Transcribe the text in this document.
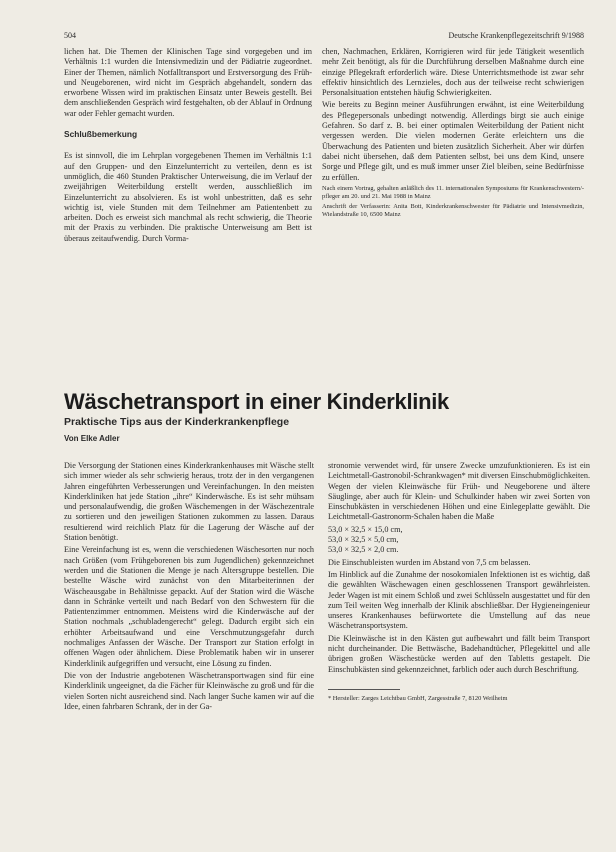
504	Deutsche Krankenpflegezeitschrift 9/1988

lichen hat. Die Themen der Klinischen Tage sind vorgegeben und im Verhältnis 1:1 wurden die Intensivmedizin und der Pädiatrie zugeordnet. Einer der Themen, nämlich Notfalltransport und Erstversorgung des Früh- und Neugeborenen, wird nicht im Gespräch abgehandelt, sondern das erworbene Wissen wird im praktischen Einsatz unter Beweis gestellt. Bei dem anschließenden Gespräch wird festgehalten, ob der Ablauf in Ordnung war oder Fehler gemacht wurden.

Schlußbemerkung

Es ist sinnvoll, die im Lehrplan vorgegebenen Themen im Verhältnis 1:1 auf den Gruppen- und den Einzelunterricht zu verteilen, denn es ist unmöglich, die 460 Stunden Praktischer Unterweisung, die im Verlauf der zweijährigen Weiterbildung erstellt werden, ausschließlich im Einzelunterricht zu absolvieren. Es ist wohl unbestritten, daß es sehr wichtig ist, viele Stunden mit dem Teilnehmer am Patientenbett zu arbeiten. Doch es erweist sich manchmal als recht schwierig, die Theorie mit der Praxis zu verbinden. Die praktische Unterweisung am Bett ist überaus zeitaufwendig. Durch Vorma-

chen, Nachmachen, Erklären, Korrigieren wird für jede Tätigkeit wesentlich mehr Zeit benötigt, als für die Durchführung derselben Maßnahme durch eine einzige Pflegekraft erforderlich wäre. Diese Unterrichtsmethode ist zwar sehr effektiv hinsichtlich des Lernzieles, doch aus der teilweise recht schwierigen Personalsituation entstehen häufig Schwierigkeiten.

Wie bereits zu Beginn meiner Ausführungen erwähnt, ist eine Weiterbildung des Pflegepersonals unbedingt notwendig. Allerdings birgt sie auch einige Gefahren. So darf z. B. bei einer optimalen Weiterbildung der Patient nicht vergessen werden. Die vielen modernen Geräte erleichtern uns die Überwachung des Patienten und bieten zusätzlich Sicherheit. Aber wir dürfen dabei nicht übersehen, daß dem Patienten selbst, bei uns dem Kind, unsere Sorge und Pflege gilt, und es muß immer unser Ziel bleiben, seine Bedürfnisse zu erfüllen.

Nach einem Vortrag, gehalten anläßlich des 11. internationalen Symposiums für Krankenschwestern/-pfleger am 20. und 21. Mai 1988 in Mainz

Anschrift der Verfasserin: Anita Bott, Kinderkrankenschwester für Pädiatrie und Intensivmedizin, Wielandstraße 10, 6500 Mainz

Wäschetransport in einer Kinderklinik
Praktische Tips aus der Kinderkrankenpflege
Von Elke Adler

Die Versorgung der Stationen eines Kinderkrankenhauses mit Wäsche stellt sich immer wieder als sehr schwierig heraus, trotz der in den vergangenen Jahren eingeführten Verbesserungen und Vereinfachungen. In den meisten Kinderkliniken hat jede Station „ihre“ Kinderwäsche. Es ist sehr mühsam und personalaufwendig, die großen Wäschemengen in der Wäschezentrale zu sortieren und den jeweiligen Stationen zukommen zu lassen. Daraus resultierend wird reichlich Platz für die Lagerung der Wäsche auf der Station benötigt.

Eine Vereinfachung ist es, wenn die verschiedenen Wäschesorten nur noch nach Größen (vom Frühgeborenen bis zum Jugendlichen) gekennzeichnet werden und die Stationen die Menge je nach Altersgruppe bestellen. Die bestellte Wäsche wird zunächst von den Mitarbeiterinnen der Wäscheausgabe in Behältnisse gepackt. Auf der Station wird die Wäsche dann in Schränke verteilt und nach Bedarf von den Schwestern für die Patientenzimmer entnommen. Meistens wird die Kinderwäsche auf der Station nochmals „schubladengerecht“ gelegt. Dadurch ergibt sich ein erhöhter Arbeitsaufwand und eine Verschmutzungsgefahr durch nochmaliges Anfassen der Wäsche. Der Transport zur Station erfolgt in offenen Wagen oder ähnlichem. Diese Problematik haben wir in unserer Kinderklinik aufgegriffen und versucht, eine Lösung zu finden.

Die von der Industrie angebotenen Wäschetransportwagen sind für eine Kinderklinik ungeeignet, da die Fächer für Kleinwäsche zu groß und für die vielen Sorten nicht ausreichend sind. Nach langer Suche kamen wir auf die Idee, einen fahrbaren Schrank, der in der Ga-

stronomie verwendet wird, für unsere Zwecke umzufunktionieren. Es ist ein Leichtmetall-Gastronobil-Schrankwagen* mit diversen Einschubmöglichkeiten. Wegen der vielen Kleinwäsche für Früh- und Neugeborene und ältere Säuglinge, aber auch für Klein- und Schulkinder haben wir zwei Sorten von Einschubkästen in verschiedenen Höhen und eine Einlegeplatte gewählt. Die Leichtmetall-Gastronorm-Schalen haben die Maße

53,0 × 32,5 × 15,0 cm,
53,0 × 32,5 × 5,0 cm,
53,0 × 32,5 × 2,0 cm.

Die Einschubleisten wurden im Abstand von 7,5 cm belassen.

Im Hinblick auf die Zunahme der nosokomialen Infektionen ist es wichtig, daß die gewählten Wäschewagen einen geschlossenen Transport gewährleisten. Jeder Wagen ist mit einem Schloß und zwei Schlüsseln ausgestattet und für den zum Teil weiten Weg innerhalb der Klinik abschließbar. Der Hygieneingenieur unseres Krankenhauses befürwortete die Umstellung auf das neue Wäschetransportsystem.

Die Kleinwäsche ist in den Kästen gut aufbewahrt und fällt beim Transport nicht durcheinander. Die Bettwäsche, Badehandtücher, Pflegekittel und alle übrigen großen Wäschestücke werden auf den Tabletts gestapelt. Die Einschubkästen sind gekennzeichnet, farblich oder auch durch Beschriftung.

* Hersteller: Zarges Leichtbau GmbH, Zargesstraße 7, 8120 Weilheim
